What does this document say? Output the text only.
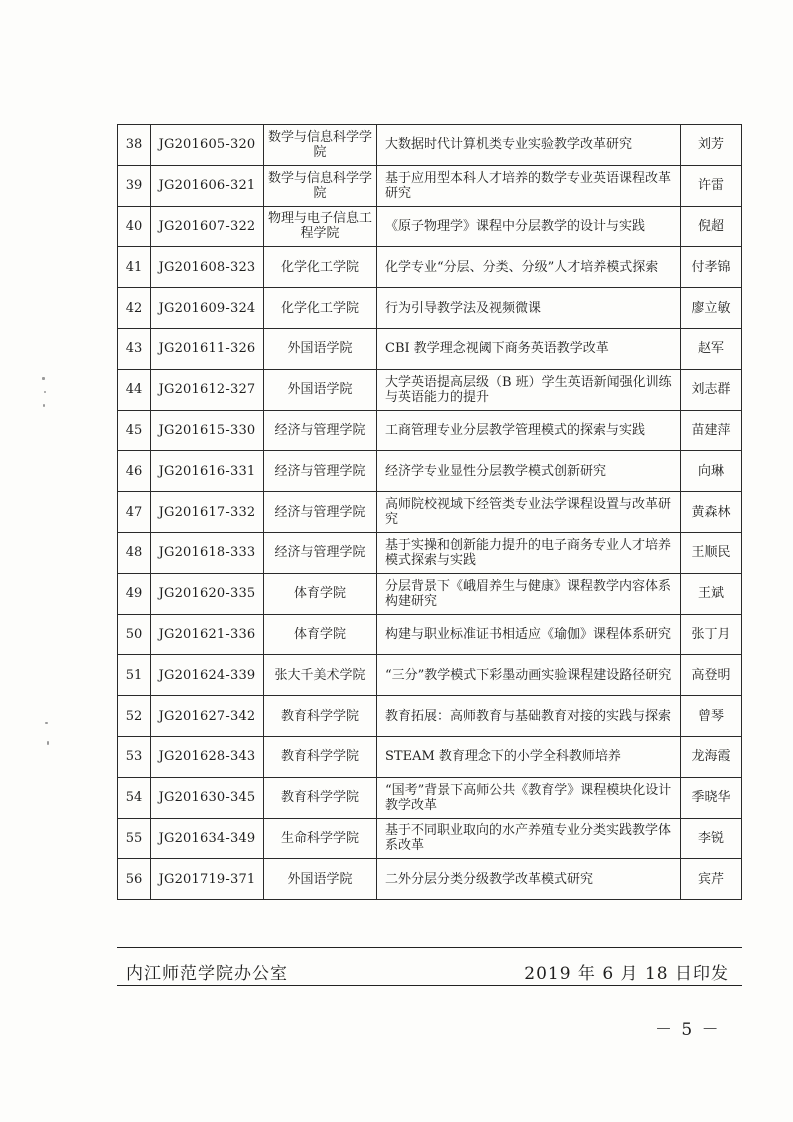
38	JG201605-320	数学与信息科学学院	大数据时代计算机类专业实验教学改革研究	刘芳
39	JG201606-321	数学与信息科学学院	基于应用型本科人才培养的数学专业英语课程改革研究	许雷
40	JG201607-322	物理与电子信息工程学院	《原子物理学》课程中分层教学的设计与实践	倪超
41	JG201608-323	化学化工学院	化学专业“分层、分类、分级”人才培养模式探索	付孝锦
42	JG201609-324	化学化工学院	行为引导教学法及视频微课	廖立敏
43	JG201611-326	外国语学院	CBI 教学理念视阈下商务英语教学改革	赵军
44	JG201612-327	外国语学院	大学英语提高层级（B 班）学生英语新闻强化训练与英语能力的提升	刘志群
45	JG201615-330	经济与管理学院	工商管理专业分层教学管理模式的探索与实践	苗建萍
46	JG201616-331	经济与管理学院	经济学专业显性分层教学模式创新研究	向琳
47	JG201617-332	经济与管理学院	高师院校视域下经管类专业法学课程设置与改革研究	黄森林
48	JG201618-333	经济与管理学院	基于实操和创新能力提升的电子商务专业人才培养模式探索与实践	王顺民
49	JG201620-335	体育学院	分层背景下《峨眉养生与健康》课程教学内容体系构建研究	王斌
50	JG201621-336	体育学院	构建与职业标准证书相适应《瑜伽》课程体系研究	张丁月
51	JG201624-339	张大千美术学院	“三分”教学模式下彩墨动画实验课程建设路径研究	高登明
52	JG201627-342	教育科学学院	教育拓展：高师教育与基础教育对接的实践与探索	曾琴
53	JG201628-343	教育科学学院	STEAM 教育理念下的小学全科教师培养	龙海霞
54	JG201630-345	教育科学学院	“国考”背景下高师公共《教育学》课程模块化设计教学改革	季晓华
55	JG201634-349	生命科学学院	基于不同职业取向的水产养殖专业分类实践教学体系改革	李锐
56	JG201719-371	外国语学院	二外分层分类分级教学改革模式研究	宾芹
内江师范学院办公室	2019 年 6 月 18 日印发
－ 5 －
